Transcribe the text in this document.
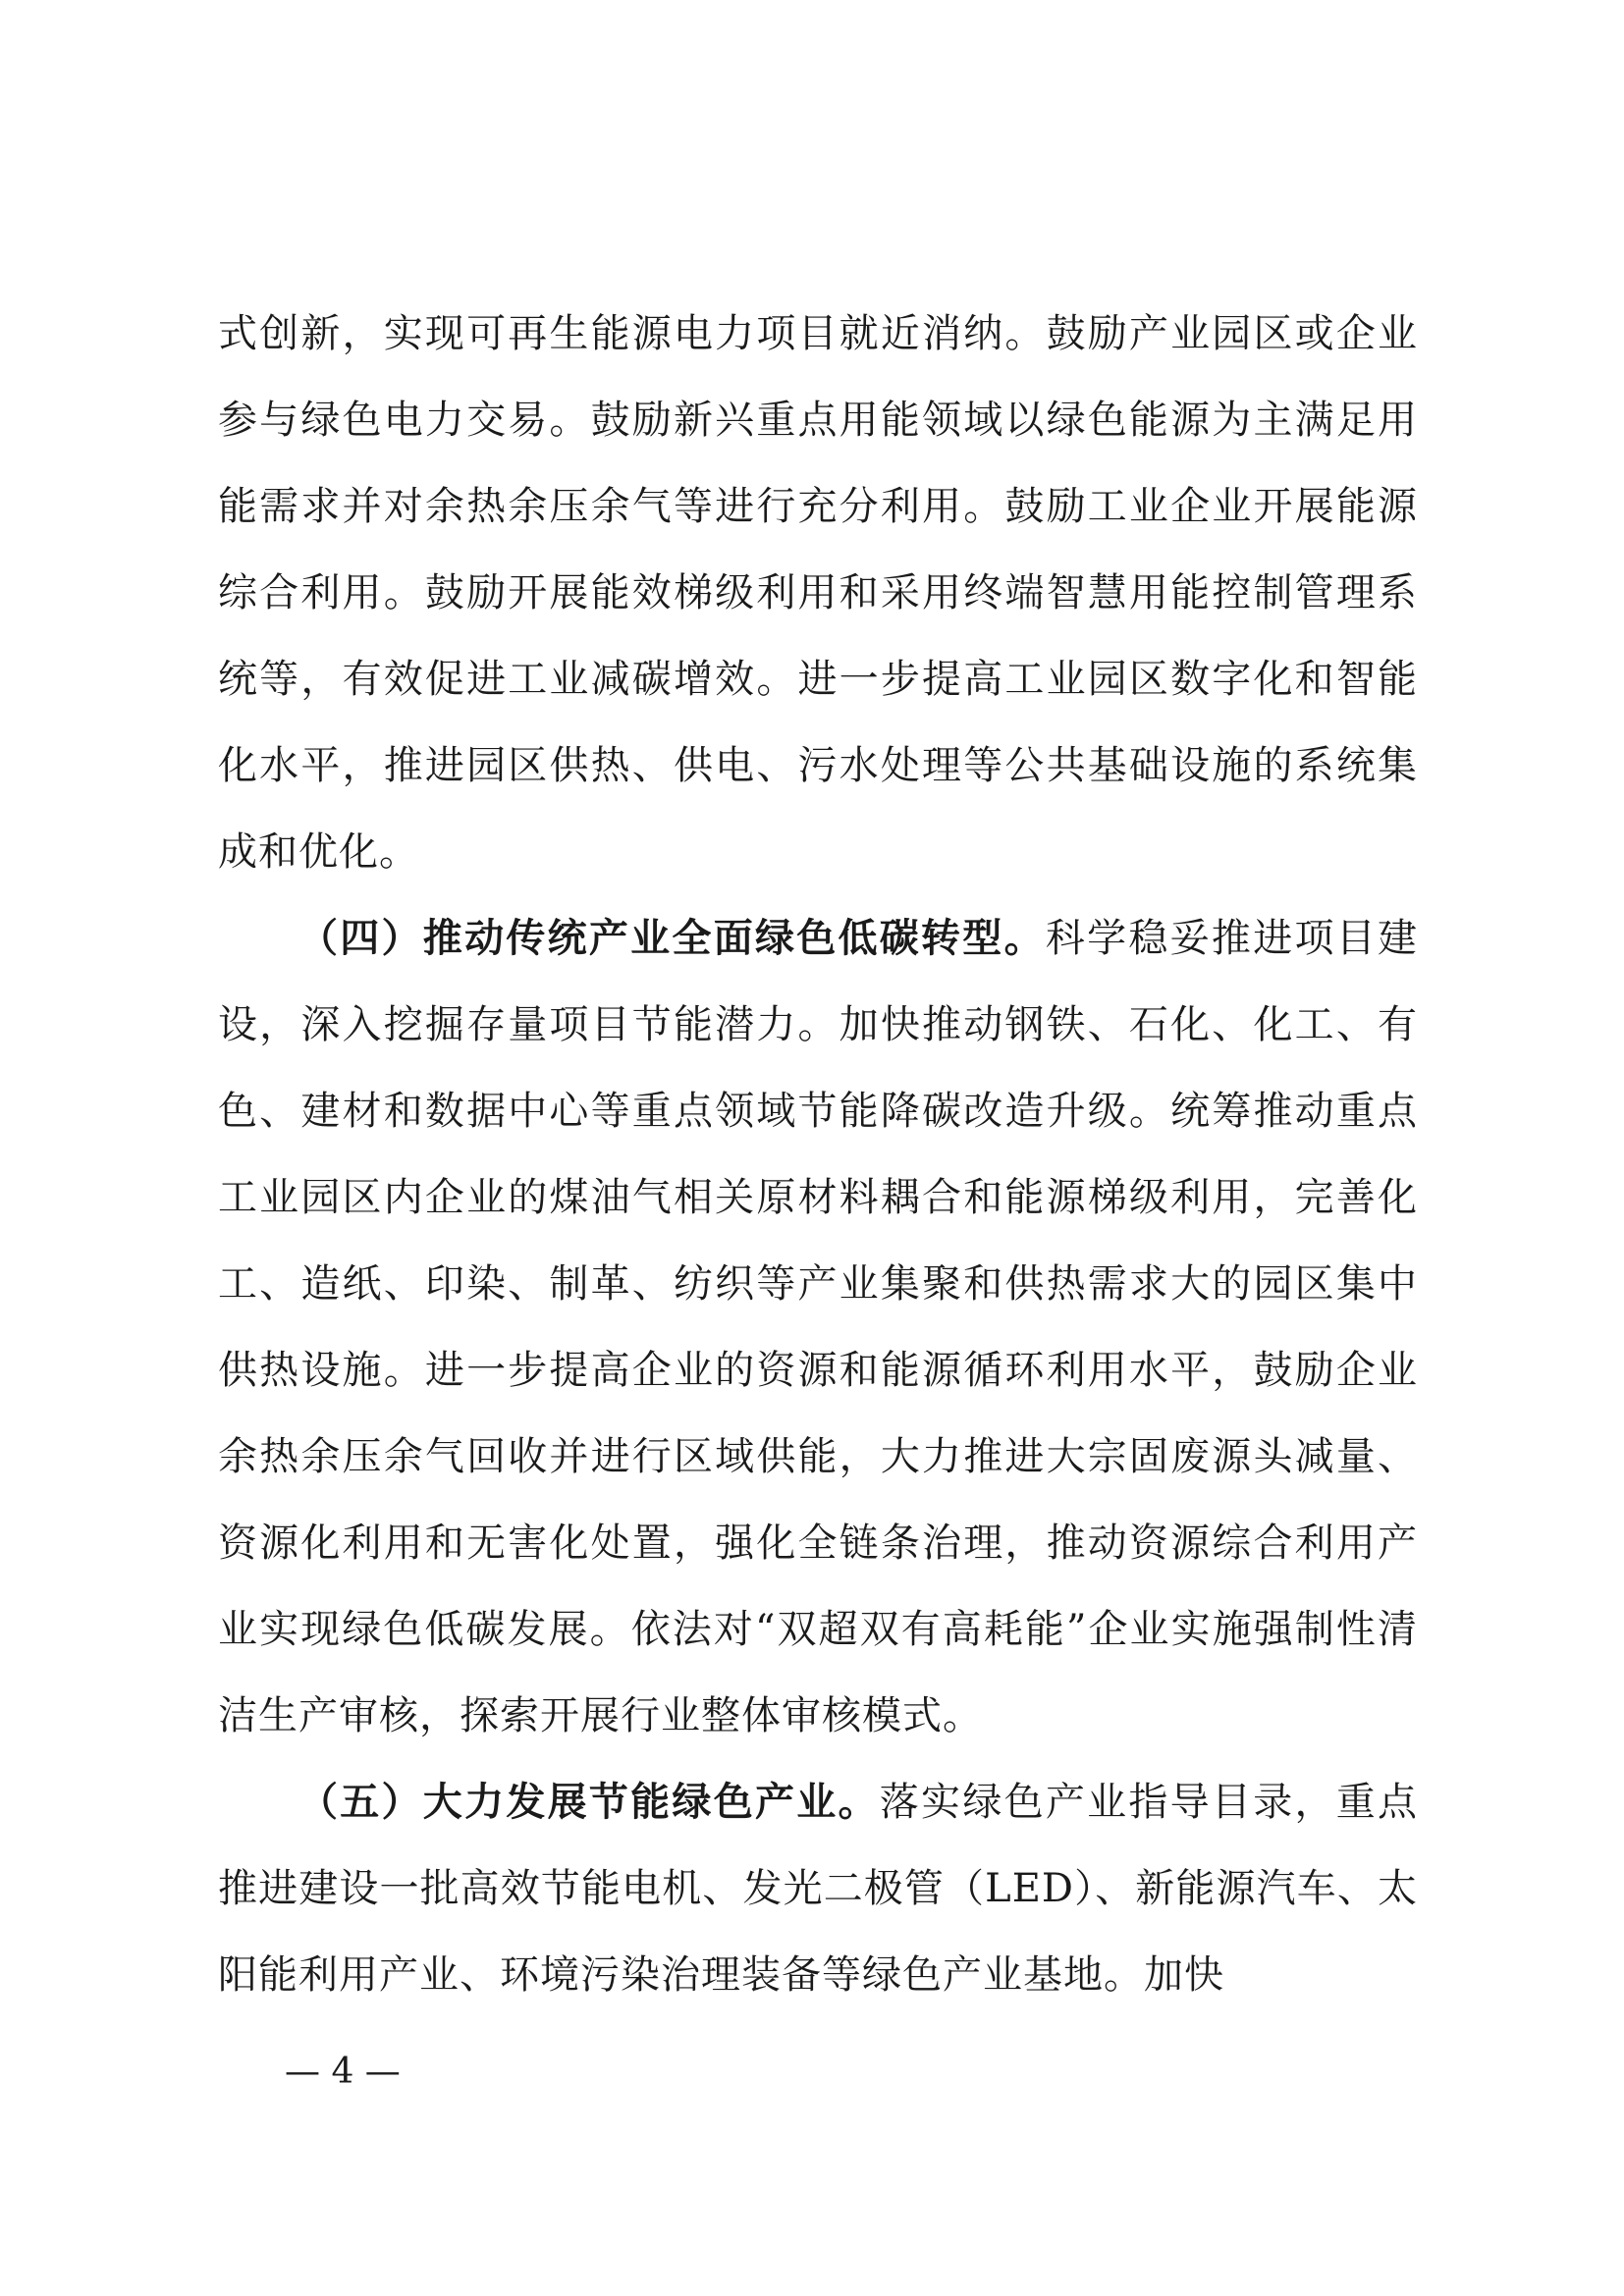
式创新，实现可再生能源电力项目就近消纳。鼓励产业园区或企业参与绿色电力交易。鼓励新兴重点用能领域以绿色能源为主满足用能需求并对余热余压余气等进行充分利用。鼓励工业企业开展能源综合利用。鼓励开展能效梯级利用和采用终端智慧用能控制管理系统等，有效促进工业减碳增效。进一步提高工业园区数字化和智能化水平，推进园区供热、供电、污水处理等公共基础设施的系统集成和优化。

（四）推动传统产业全面绿色低碳转型。科学稳妥推进项目建设，深入挖掘存量项目节能潜力。加快推动钢铁、石化、化工、有色、建材和数据中心等重点领域节能降碳改造升级。统筹推动重点工业园区内企业的煤油气相关原材料耦合和能源梯级利用，完善化工、造纸、印染、制革、纺织等产业集聚和供热需求大的园区集中供热设施。进一步提高企业的资源和能源循环利用水平，鼓励企业余热余压余气回收并进行区域供能，大力推进大宗固废源头减量、资源化利用和无害化处置，强化全链条治理，推动资源综合利用产业实现绿色低碳发展。依法对“双超双有高耗能”企业实施强制性清洁生产审核，探索开展行业整体审核模式。

（五）大力发展节能绿色产业。落实绿色产业指导目录，重点推进建设一批高效节能电机、发光二极管（LED）、新能源汽车、太阳能利用产业、环境污染治理装备等绿色产业基地。加快

— 4 —
